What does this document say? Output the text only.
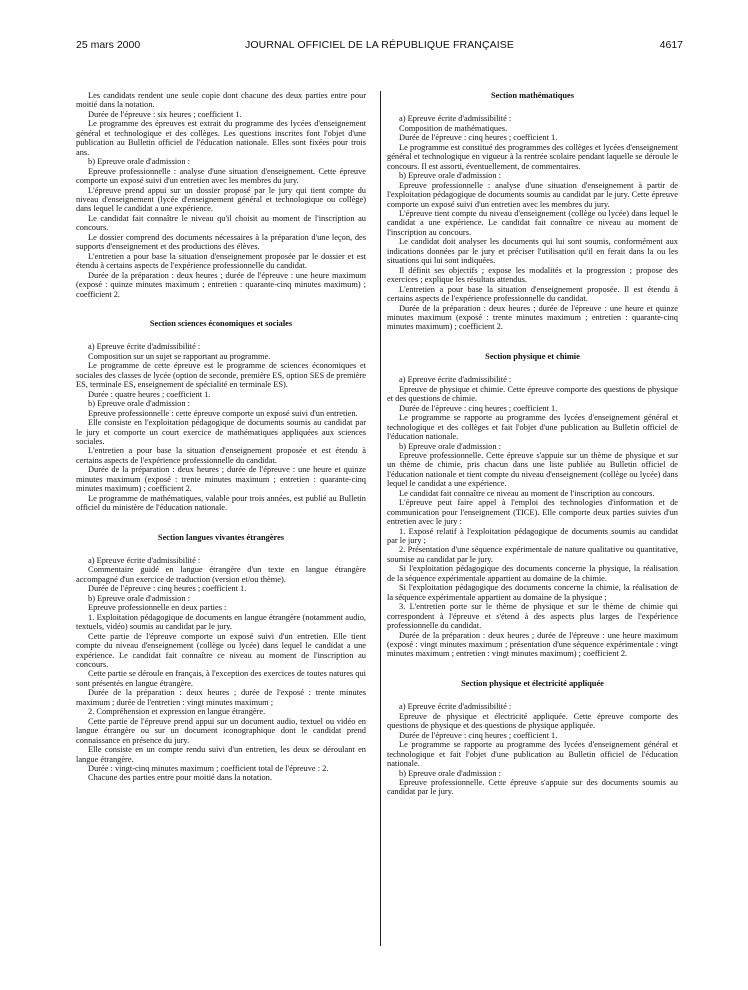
25 mars 2000	JOURNAL OFFICIEL DE LA RÉPUBLIQUE FRANÇAISE	4617

Les candidats rendent une seule copie dont chacune des deux parties entre pour moitié dans la notation.

Durée de l'épreuve : six heures ; coefficient 1.

Le programme des épreuves est extrait du programme des lycées d'enseignement général et technologique et des collèges. Les questions inscrites font l'objet d'une publication au Bulletin officiel de l'éducation nationale. Elles sont fixées pour trois ans.

b) Epreuve orale d'admission :

Epreuve professionnelle : analyse d'une situation d'enseignement. Cette épreuve comporte un exposé suivi d'un entretien avec les membres du jury.

L'épreuve prend appui sur un dossier proposé par le jury qui tient compte du niveau d'enseignement (lycée d'enseignement général et technologique ou collège) dans lequel le candidat a une expérience.

Le candidat fait connaître le niveau qu'il choisit au moment de l'inscription au concours.

Le dossier comprend des documents nécessaires à la préparation d'une leçon, des supports d'enseignement et des productions des élèves.

L'entretien a pour base la situation d'enseignement proposée par le dossier et est étendu à certains aspects de l'expérience professionnelle du candidat.

Durée de la préparation : deux heures ; durée de l'épreuve : une heure maximum (exposé : quinze minutes maximum ; entretien : quarante-cinq minutes maximum) ; coefficient 2.

Section sciences économiques et sociales

a) Epreuve écrite d'admissibilité :

Composition sur un sujet se rapportant au programme.

Le programme de cette épreuve est le programme de sciences économiques et sociales des classes de lycée (option de seconde, première ES, option SES de première ES, terminale ES, enseignement de spécialité en terminale ES).

Durée : quatre heures ; coefficient 1.

b) Epreuve orale d'admission :

Epreuve professionnelle : cette épreuve comporte un exposé suivi d'un entretien.

Elle consiste en l'exploitation pédagogique de documents soumis au candidat par le jury et comporte un court exercice de mathématiques appliquées aux sciences sociales.

L'entretien a pour base la situation d'enseignement proposée et est étendu à certains aspects de l'expérience professionnelle du candidat.

Durée de la préparation : deux heures ; durée de l'épreuve : une heure et quinze minutes maximum (exposé : trente minutes maximum ; entretien : quarante-cinq minutes maximum) ; coefficient 2.

Le programme de mathématiques, valable pour trois années, est publié au Bulletin officiel du ministère de l'éducation nationale.

Section langues vivantes étrangères

a) Epreuve écrite d'admissibilité :

Commentaire guidé en langue étrangère d'un texte en langue étrangère accompagné d'un exercice de traduction (version et/ou thème).

Durée de l'épreuve : cinq heures ; coefficient 1.

b) Epreuve orale d'admission :

Epreuve professionnelle en deux parties :

1. Exploitation pédagogique de documents en langue étrangère (notamment audio, textuels, vidéo) soumis au candidat par le jury.

Cette partie de l'épreuve comporte un exposé suivi d'un entretien. Elle tient compte du niveau d'enseignement (collège ou lycée) dans lequel le candidat a une expérience. Le candidat fait connaître ce niveau au moment de l'inscription au concours.

Cette partie se déroule en français, à l'exception des exercices de toutes natures qui sont présentés en langue étrangère.

Durée de la préparation : deux heures ; durée de l'exposé : trente minutes maximum ; durée de l'entretien : vingt minutes maximum ;

2. Compréhension et expression en langue étrangère.

Cette partie de l'épreuve prend appui sur un document audio, textuel ou vidéo en langue étrangère ou sur un document iconographique dont le candidat prend connaissance en présence du jury.

Elle consiste en un compte rendu suivi d'un entretien, les deux se déroulant en langue étrangère.

Durée : vingt-cinq minutes maximum ; coefficient total de l'épreuve : 2.

Chacune des parties entre pour moitié dans la notation.

Section mathématiques

a) Epreuve écrite d'admissibilité :

Composition de mathématiques.

Durée de l'épreuve : cinq heures ; coefficient 1.

Le programme est constitué des programmes des collèges et lycées d'enseignement général et technologique en vigueur à la rentrée scolaire pendant laquelle se déroule le concours. Il est assorti, éventuellement, de commentaires.

b) Epreuve orale d'admission :

Epreuve professionnelle : analyse d'une situation d'enseignement à partir de l'exploitation pédagogique de documents soumis au candidat par le jury. Cette épreuve comporte un exposé suivi d'un entretien avec les membres du jury.

L'épreuve tient compte du niveau d'enseignement (collège ou lycée) dans lequel le candidat a une expérience. Le candidat fait connaître ce niveau au moment de l'inscription au concours.

Le candidat doit analyser les documents qui lui sont soumis, conformément aux indications données par le jury et préciser l'utilisation qu'il en ferait dans la ou les situations qui lui sont indiquées.

Il définit ses objectifs ; expose les modalités et la progression ; propose des exercices ; explique les résultats attendus.

L'entretien a pour base la situation d'enseignement proposée. Il est étendu à certains aspects de l'expérience professionnelle du candidat.

Durée de la préparation : deux heures ; durée de l'épreuve : une heure et quinze minutes maximum (exposé : trente minutes maximum ; entretien : quarante-cinq minutes maximum) ; coefficient 2.

Section physique et chimie

a) Epreuve écrite d'admissibilité :

Epreuve de physique et chimie. Cette épreuve comporte des questions de physique et des questions de chimie.

Durée de l'épreuve : cinq heures ; coefficient 1.

Le programme se rapporte au programme des lycées d'enseignement général et technologique et des collèges et fait l'objet d'une publication au Bulletin officiel de l'éducation nationale.

b) Epreuve orale d'admission :

Epreuve professionnelle. Cette épreuve s'appuie sur un thème de physique et sur un thème de chimie, pris chacun dans une liste publiée au Bulletin officiel de l'éducation nationale et tient compte du niveau d'enseignement (collège ou lycée) dans lequel le candidat a une expérience.

Le candidat fait connaître ce niveau au moment de l'inscription au concours.

L'épreuve peut faire appel à l'emploi des technologies d'information et de communication pour l'enseignement (TICE). Elle comporte deux parties suivies d'un entretien avec le jury :

1. Exposé relatif à l'exploitation pédagogique de documents soumis au candidat par le jury ;

2. Présentation d'une séquence expérimentale de nature qualitative ou quantitative, soumise au candidat par le jury.

Si l'exploitation pédagogique des documents concerne la physique, la réalisation de la séquence expérimentale appartient au domaine de la chimie.

Si l'exploitation pédagogique des documents concerne la chimie, la réalisation de la séquence expérimentale appartient au domaine de la physique ;

3. L'entretien porte sur le thème de physique et sur le thème de chimie qui correspondent à l'épreuve et s'étend à des aspects plus larges de l'expérience professionnelle du candidat.

Durée de la préparation : deux heures ; durée de l'épreuve : une heure maximum (exposé : vingt minutes maximum ; présentation d'une séquence expérimentale : vingt minutes maximum ; entretien : vingt minutes maximum) ; coefficient 2.

Section physique et électricité appliquée

a) Epreuve écrite d'admissibilité :

Epreuve de physique et électricité appliquée. Cette épreuve comporte des questions de physique et des questions de physique appliquée.

Durée de l'épreuve : cinq heures ; coefficient 1.

Le programme se rapporte au programme des lycées d'enseignement général et technologique et fait l'objet d'une publication au Bulletin officiel de l'éducation nationale.

b) Epreuve orale d'admission :

Epreuve professionnelle. Cette épreuve s'appuie sur des documents soumis au candidat par le jury.
